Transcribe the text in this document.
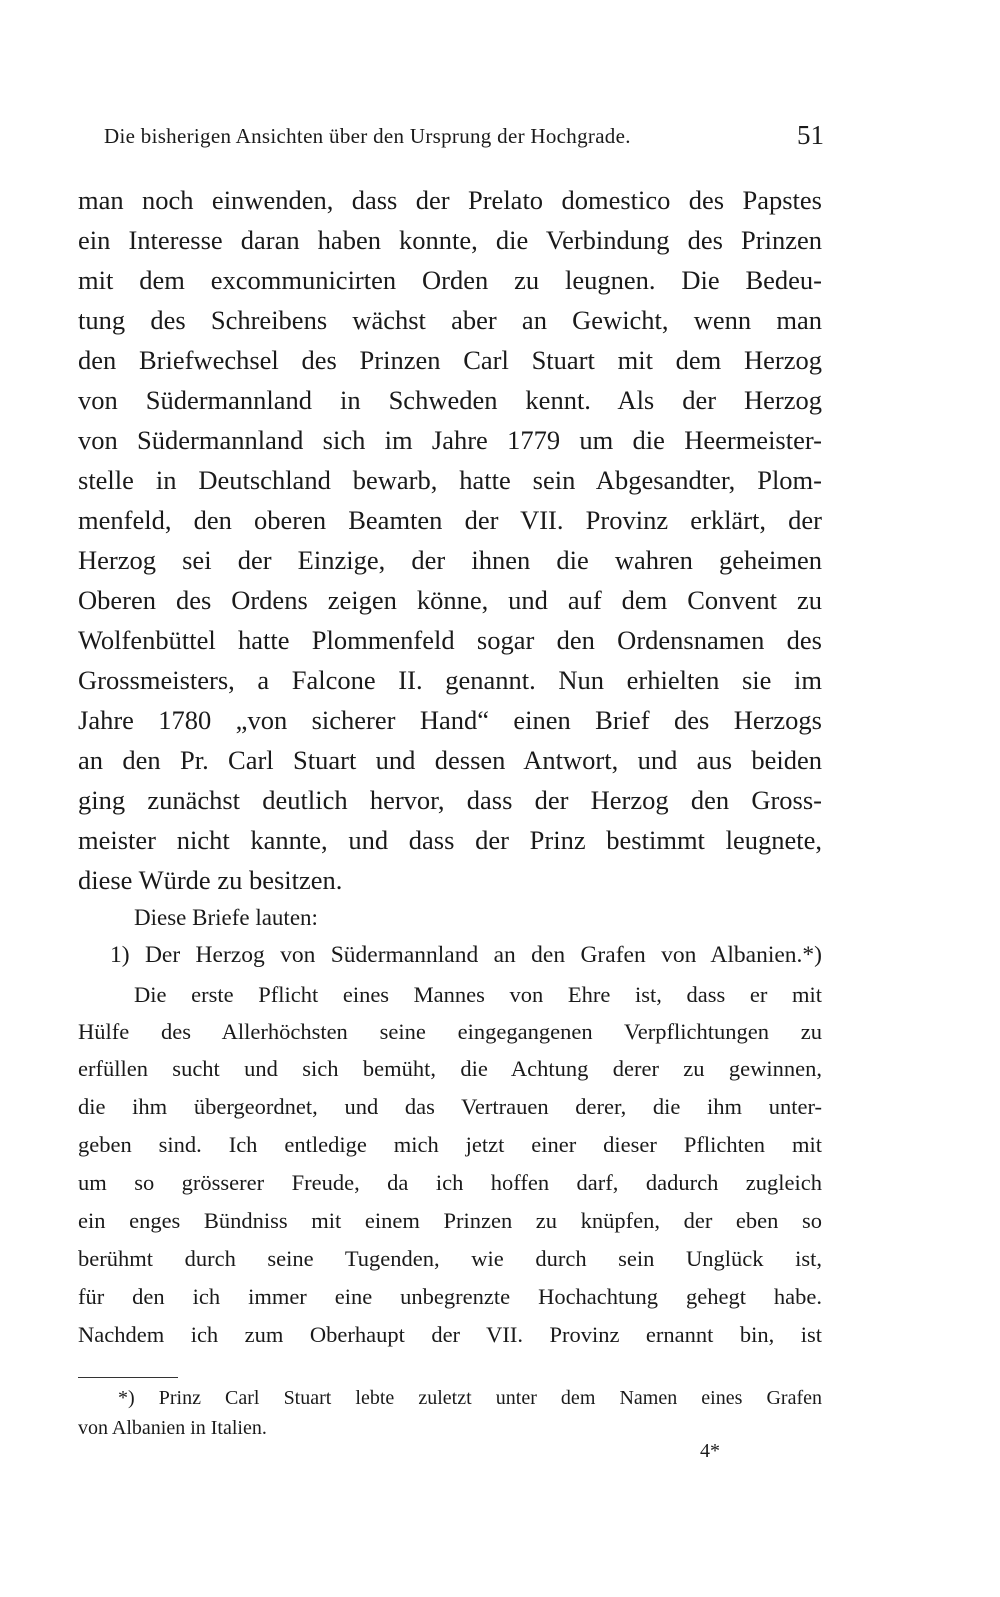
Die bisherigen Ansichten über den Ursprung der Hochgrade.	51
man noch einwenden, dass der Prelato domestico des Papstes
ein Interesse daran haben konnte, die Verbindung des Prinzen
mit dem excommunicirten Orden zu leugnen. Die Bedeu-
tung des Schreibens wächst aber an Gewicht, wenn man
den Briefwechsel des Prinzen Carl Stuart mit dem Herzog
von Südermannland in Schweden kennt. Als der Herzog
von Südermannland sich im Jahre 1779 um die Heermeister-
stelle in Deutschland bewarb, hatte sein Abgesandter, Plom-
menfeld, den oberen Beamten der VII. Provinz erklärt, der
Herzog sei der Einzige, der ihnen die wahren geheimen
Oberen des Ordens zeigen könne, und auf dem Convent zu
Wolfenbüttel hatte Plommenfeld sogar den Ordensnamen des
Grossmeisters, a Falcone II. genannt. Nun erhielten sie im
Jahre 1780 „von sicherer Hand“ einen Brief des Herzogs
an den Pr. Carl Stuart und dessen Antwort, und aus beiden
ging zunächst deutlich hervor, dass der Herzog den Gross-
meister nicht kannte, und dass der Prinz bestimmt leugnete,
diese Würde zu besitzen.
Diese Briefe lauten:
1) Der Herzog von Südermannland an den Grafen von Albanien.*)
Die erste Pflicht eines Mannes von Ehre ist, dass er mit
Hülfe des Allerhöchsten seine eingegangenen Verpflichtungen zu
erfüllen sucht und sich bemüht, die Achtung derer zu gewinnen,
die ihm übergeordnet, und das Vertrauen derer, die ihm unter-
geben sind. Ich entledige mich jetzt einer dieser Pflichten mit
um so grösserer Freude, da ich hoffen darf, dadurch zugleich
ein enges Bündniss mit einem Prinzen zu knüpfen, der eben so
berühmt durch seine Tugenden, wie durch sein Unglück ist,
für den ich immer eine unbegrenzte Hochachtung gehegt habe.
Nachdem ich zum Oberhaupt der VII. Provinz ernannt bin, ist
*) Prinz Carl Stuart lebte zuletzt unter dem Namen eines Grafen
von Albanien in Italien.
4*
